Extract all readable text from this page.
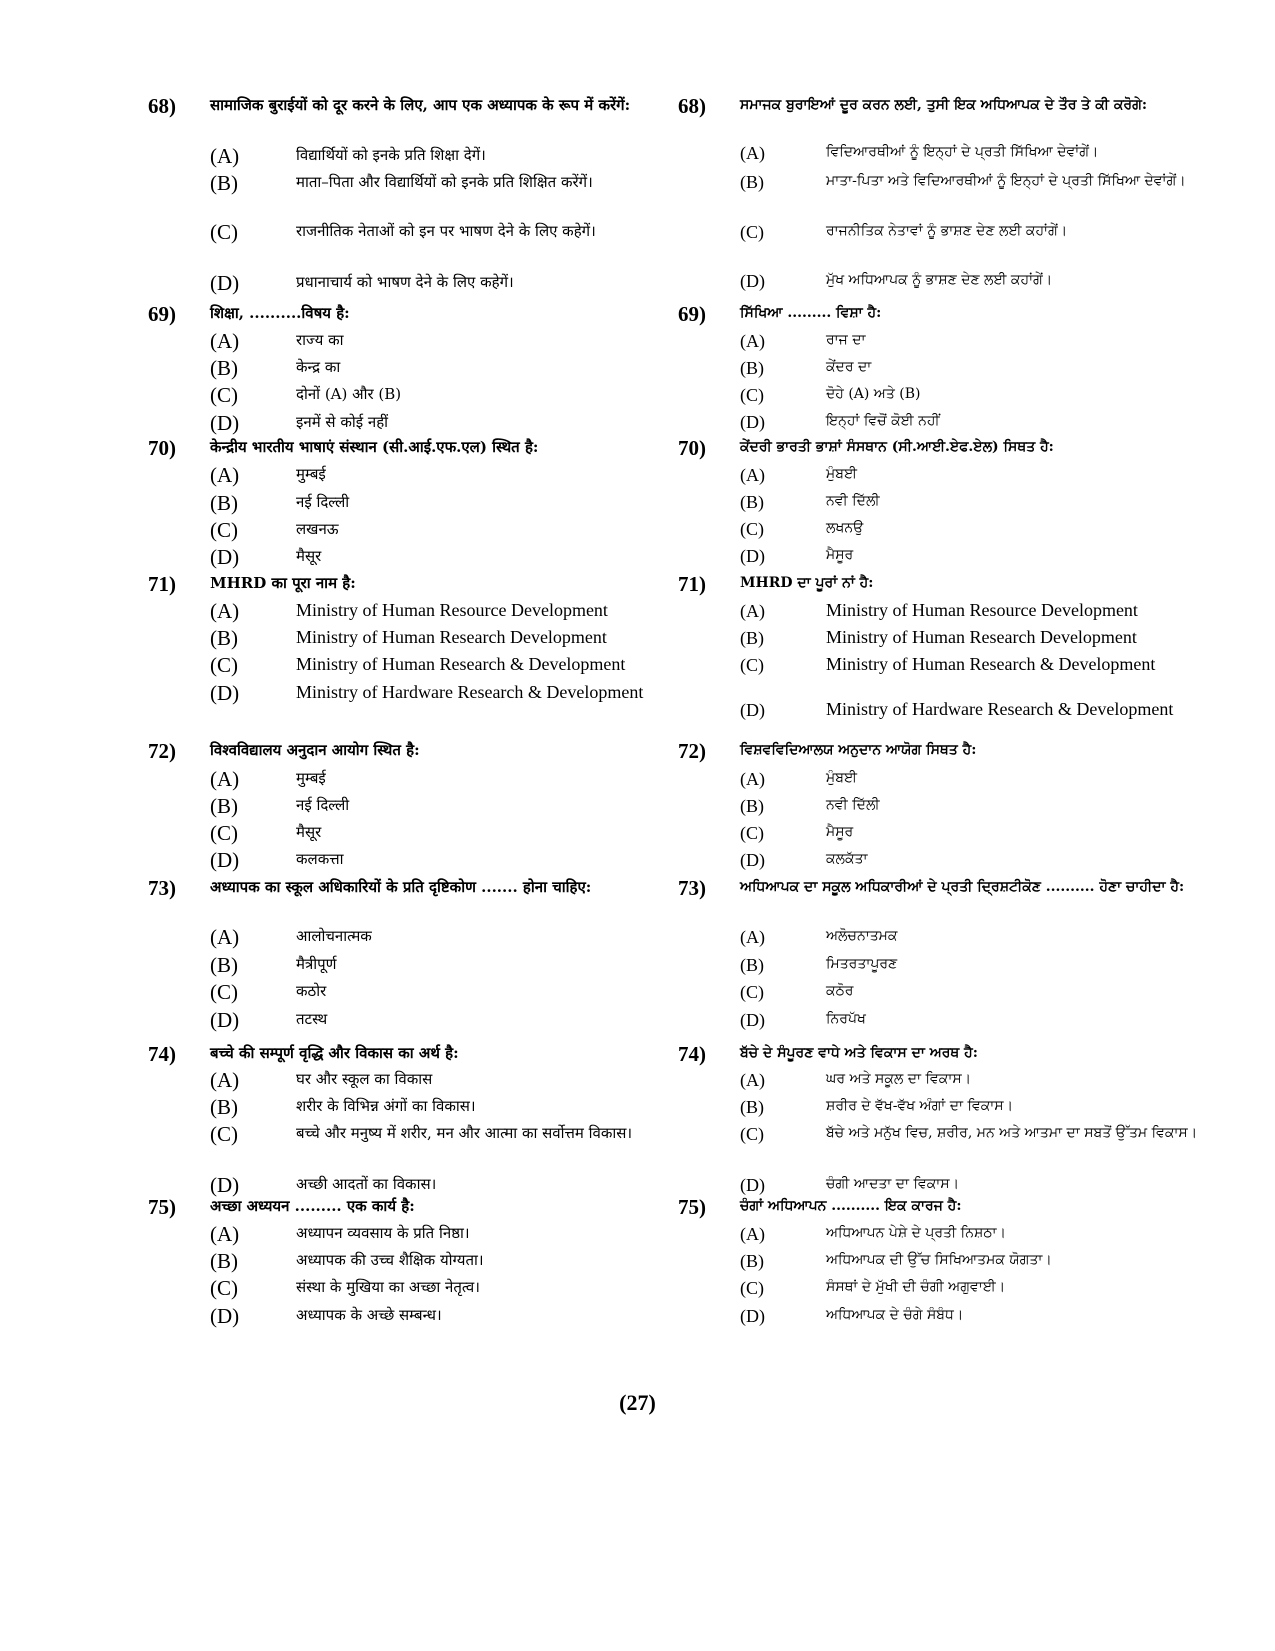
68)	सामाजिक बुराईयों को दूर करने के लिए, आप एक अध्यापक के रूप में करेंगें:
(A)	विद्यार्थियों को इनके प्रति शिक्षा देगें।
(B)	माता–पिता और विद्यार्थियों को इनके प्रति शिक्षित करेंगें।
(C)	राजनीतिक नेताओं को इन पर भाषण देने के लिए कहेगें।
(D)	प्रधानाचार्य को भाषण देने के लिए कहेगें।
69)	शिक्षा, ..........विषय है:
(A)	राज्य का
(B)	केन्द्र का
(C)	दोनों (A) और (B)
(D)	इनमें से कोई नहीं
70)	केन्द्रीय भारतीय भाषाएं संस्थान (सी.आई.एफ.एल) स्थित है:
(A)	मुम्बई
(B)	नई दिल्ली
(C)	लखनऊ
(D)	मैसूर
71)	MHRD का पूरा नाम है:
(A)	Ministry of Human Resource Development
(B)	Ministry of Human Research Development
(C)	Ministry of Human Research & Development
(D)	Ministry of Hardware Research & Development
72)	विश्वविद्यालय अनुदान आयोग स्थित है:
(A)	मुम्बई
(B)	नई दिल्ली
(C)	मैसूर
(D)	कलकत्ता
73)	अध्यापक का स्कूल अधिकारियों के प्रति दृष्टिकोण ....... होना चाहिए:
(A)	आलोचनात्मक
(B)	मैत्रीपूर्ण
(C)	कठोर
(D)	तटस्थ
74)	बच्चे की सम्पूर्ण वृद्धि और विकास का अर्थ है:
(A)	घर और स्कूल का विकास
(B)	शरीर के विभिन्न अंगों का विकास।
(C)	बच्चे और मनुष्य में शरीर, मन और आत्मा का सर्वोत्तम विकास।
(D)	अच्छी आदतों का विकास।
75)	अच्छा अध्ययन ......... एक कार्य है:
(A)	अध्यापन व्यवसाय के प्रति निष्ठा।
(B)	अध्यापक की उच्च शैक्षिक योग्यता।
(C)	संस्था के मुखिया का अच्छा नेतृत्व।
(D)	अध्यापक के अच्छे सम्बन्ध।
68)	ਸਮਾਜਕ ਬੁਰਾਇਆਂ ਦੂਰ ਕਰਨ ਲਈ, ਤੁਸੀ ਇਕ ਅਧਿਆਪਕ ਦੇ ਤੌਰ ਤੇ ਕੀ ਕਰੋਗੇ:
(A)	ਵਿਦਿਆਰਥੀਆਂ ਨੂੰ ਇਨ੍ਹਾਂ ਦੇ ਪ੍ਰਤੀ ਸਿੱਖਿਆ ਦੇਵਾਂਗੇਂ।
(B)	ਮਾਤਾ-ਪਿਤਾ ਅਤੇ ਵਿਦਿਆਰਥੀਆਂ ਨੂੰ ਇਨ੍ਹਾਂ ਦੇ ਪ੍ਰਤੀ ਸਿੱਖਿਆ ਦੇਵਾਂਗੇਂ।
(C)	ਰਾਜਨੀਤਿਕ ਨੇਤਾਵਾਂ ਨੂੰ ਭਾਸ਼ਣ ਦੇਣ ਲਈ ਕਹਾਂਗੇਂ।
(D)	ਮੁੱਖ ਅਧਿਆਪਕ ਨੂੰ ਭਾਸ਼ਣ ਦੇਣ ਲਈ ਕਹਾਂਗੇਂ।
69)	ਸਿੱਖਿਆ ......... ਵਿਸ਼ਾ ਹੈ:
(A)	ਰਾਜ ਦਾ
(B)	ਕੇਂਦਰ ਦਾ
(C)	ਦੋਹੇ (A) ਅਤੇ (B)
(D)	ਇਨ੍ਹਾਂ ਵਿਚੋਂ ਕੋਈ ਨਹੀਂ
70)	ਕੇਂਦਰੀ ਭਾਰਤੀ ਭਾਸ਼ਾਂ ਸੰਸਥਾਨ (ਸੀ.ਆਈ.ਏਫ.ਏਲ) ਸਿਥਤ ਹੈ:
(A)	ਮੁੰਬਈ
(B)	ਨਵੀ ਦਿੱਲੀ
(C)	ਲਖਨਉ
(D)	ਮੈਸੂਰ
71)	MHRD ਦਾ ਪੂਰਾਂ ਨਾਂ ਹੈ:
(A)	Ministry of Human Resource Development
(B)	Ministry of Human Research Development
(C)	Ministry of Human Research & Development
(D)	Ministry of Hardware Research & Development
72)	ਵਿਸ਼ਵਵਿਦਿਆਲਯ ਅਨੁਦਾਨ ਆਯੋਗ ਸਿਥਤ ਹੈ:
(A)	ਮੁੰਬਈ
(B)	ਨਵੀ ਦਿੱਲੀ
(C)	ਮੈਸੂਰ
(D)	ਕਲਕੱਤਾ
73)	ਅਧਿਆਪਕ ਦਾ ਸਕੂਲ ਅਧਿਕਾਰੀਆਂ ਦੇ ਪ੍ਰਤੀ ਦ੍ਰਿਸ਼ਟੀਕੋਣ .......... ਹੋਣਾ ਚਾਹੀਦਾ ਹੈ:
(A)	ਅਲੋਚਨਾਤਮਕ
(B)	ਮਿਤਰਤਾਪੂਰਣ
(C)	ਕਠੋਰ
(D)	ਨਿਰਪੱਖ
74)	ਬੱਚੇ ਦੇ ਸੰਪੂਰਣ ਵਾਧੇ ਅਤੇ ਵਿਕਾਸ ਦਾ ਅਰਥ ਹੈ:
(A)	ਘਰ ਅਤੇ ਸਕੂਲ ਦਾ ਵਿਕਾਸ।
(B)	ਸ਼ਰੀਰ ਦੇ ਵੱਖ-ਵੱਖ ਅੰਗਾਂ ਦਾ ਵਿਕਾਸ।
(C)	ਬੱਚੇ ਅਤੇ ਮਨੁੱਖ ਵਿਚ, ਸ਼ਰੀਰ, ਮਨ ਅਤੇ ਆਤਮਾ ਦਾ ਸਬਤੋਂ ਉੱਤਮ ਵਿਕਾਸ।
(D)	ਚੰਗੀ ਆਦਤਾ ਦਾ ਵਿਕਾਸ।
75)	ਚੰਗਾਂ ਅਧਿਆਪਨ .......... ਇਕ ਕਾਰਜ ਹੈ:
(A)	ਅਧਿਆਪਨ ਪੇਸ਼ੇ ਦੇ ਪ੍ਰਤੀ ਨਿਸ਼ਠਾ।
(B)	ਅਧਿਆਪਕ ਦੀ ਉੱਚ ਸਿਖਿਆਤਮਕ ਯੋਗਤਾ।
(C)	ਸੰਸਥਾਂ ਦੇ ਮੁੱਖੀ ਦੀ ਚੰਗੀ ਅਗੁਵਾਈ।
(D)	ਅਧਿਆਪਕ ਦੇ ਚੰਗੇ ਸੰਬੰਧ।
(27)
